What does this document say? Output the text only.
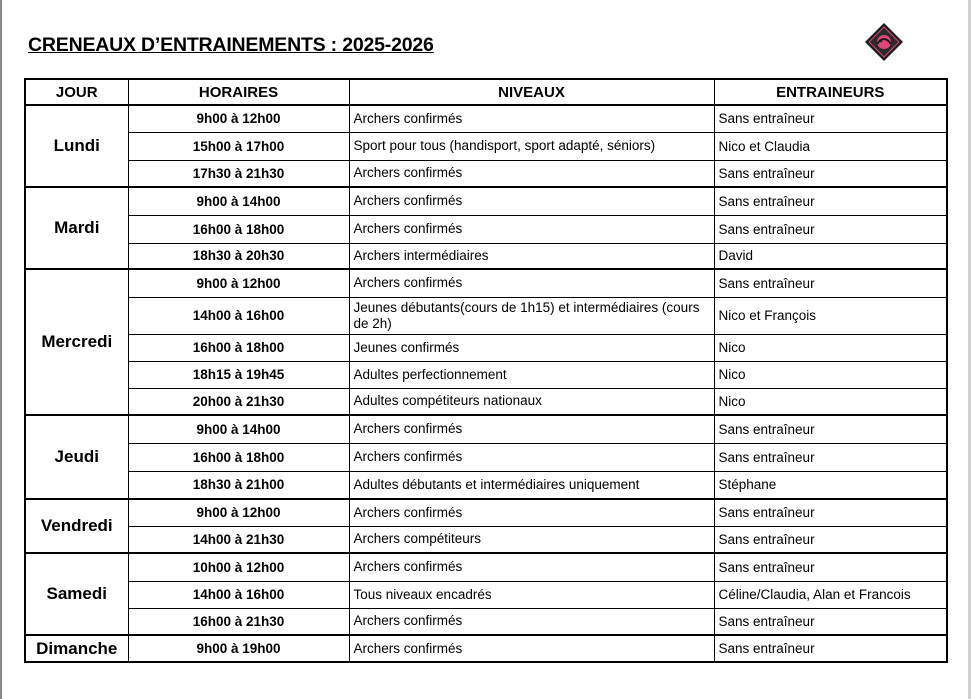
CRENEAUX D’ENTRAINEMENTS : 2025-2026
JOUR	HORAIRES	NIVEAUX	ENTRAINEURS
Lundi	9h00 à 12h00	Archers confirmés	Sans entraîneur
	15h00 à 17h00	Sport pour tous (handisport, sport adapté, séniors)	Nico et Claudia
	17h30 à 21h30	Archers confirmés	Sans entraîneur
Mardi	9h00 à 14h00	Archers confirmés	Sans entraîneur
	16h00 à 18h00	Archers confirmés	Sans entraîneur
	18h30 à 20h30	Archers intermédiaires	David
Mercredi	9h00 à 12h00	Archers confirmés	Sans entraîneur
	14h00 à 16h00	Jeunes débutants(cours de 1h15) et intermédiaires (cours de 2h)	Nico et François
	16h00 à 18h00	Jeunes confirmés	Nico
	18h15 à 19h45	Adultes perfectionnement	Nico
	20h00 à 21h30	Adultes compétiteurs nationaux	Nico
Jeudi	9h00 à 14h00	Archers confirmés	Sans entraîneur
	16h00 à 18h00	Archers confirmés	Sans entraîneur
	18h30 à 21h00	Adultes débutants et intermédiaires uniquement	Stéphane
Vendredi	9h00 à 12h00	Archers confirmés	Sans entraîneur
	14h00 à 21h30	Archers compétiteurs	Sans entraîneur
Samedi	10h00 à 12h00	Archers confirmés	Sans entraîneur
	14h00 à 16h00	Tous niveaux encadrés	Céline/Claudia, Alan et Francois
	16h00 à 21h30	Archers confirmés	Sans entraîneur
Dimanche	9h00 à 19h00	Archers confirmés	Sans entraîneur
